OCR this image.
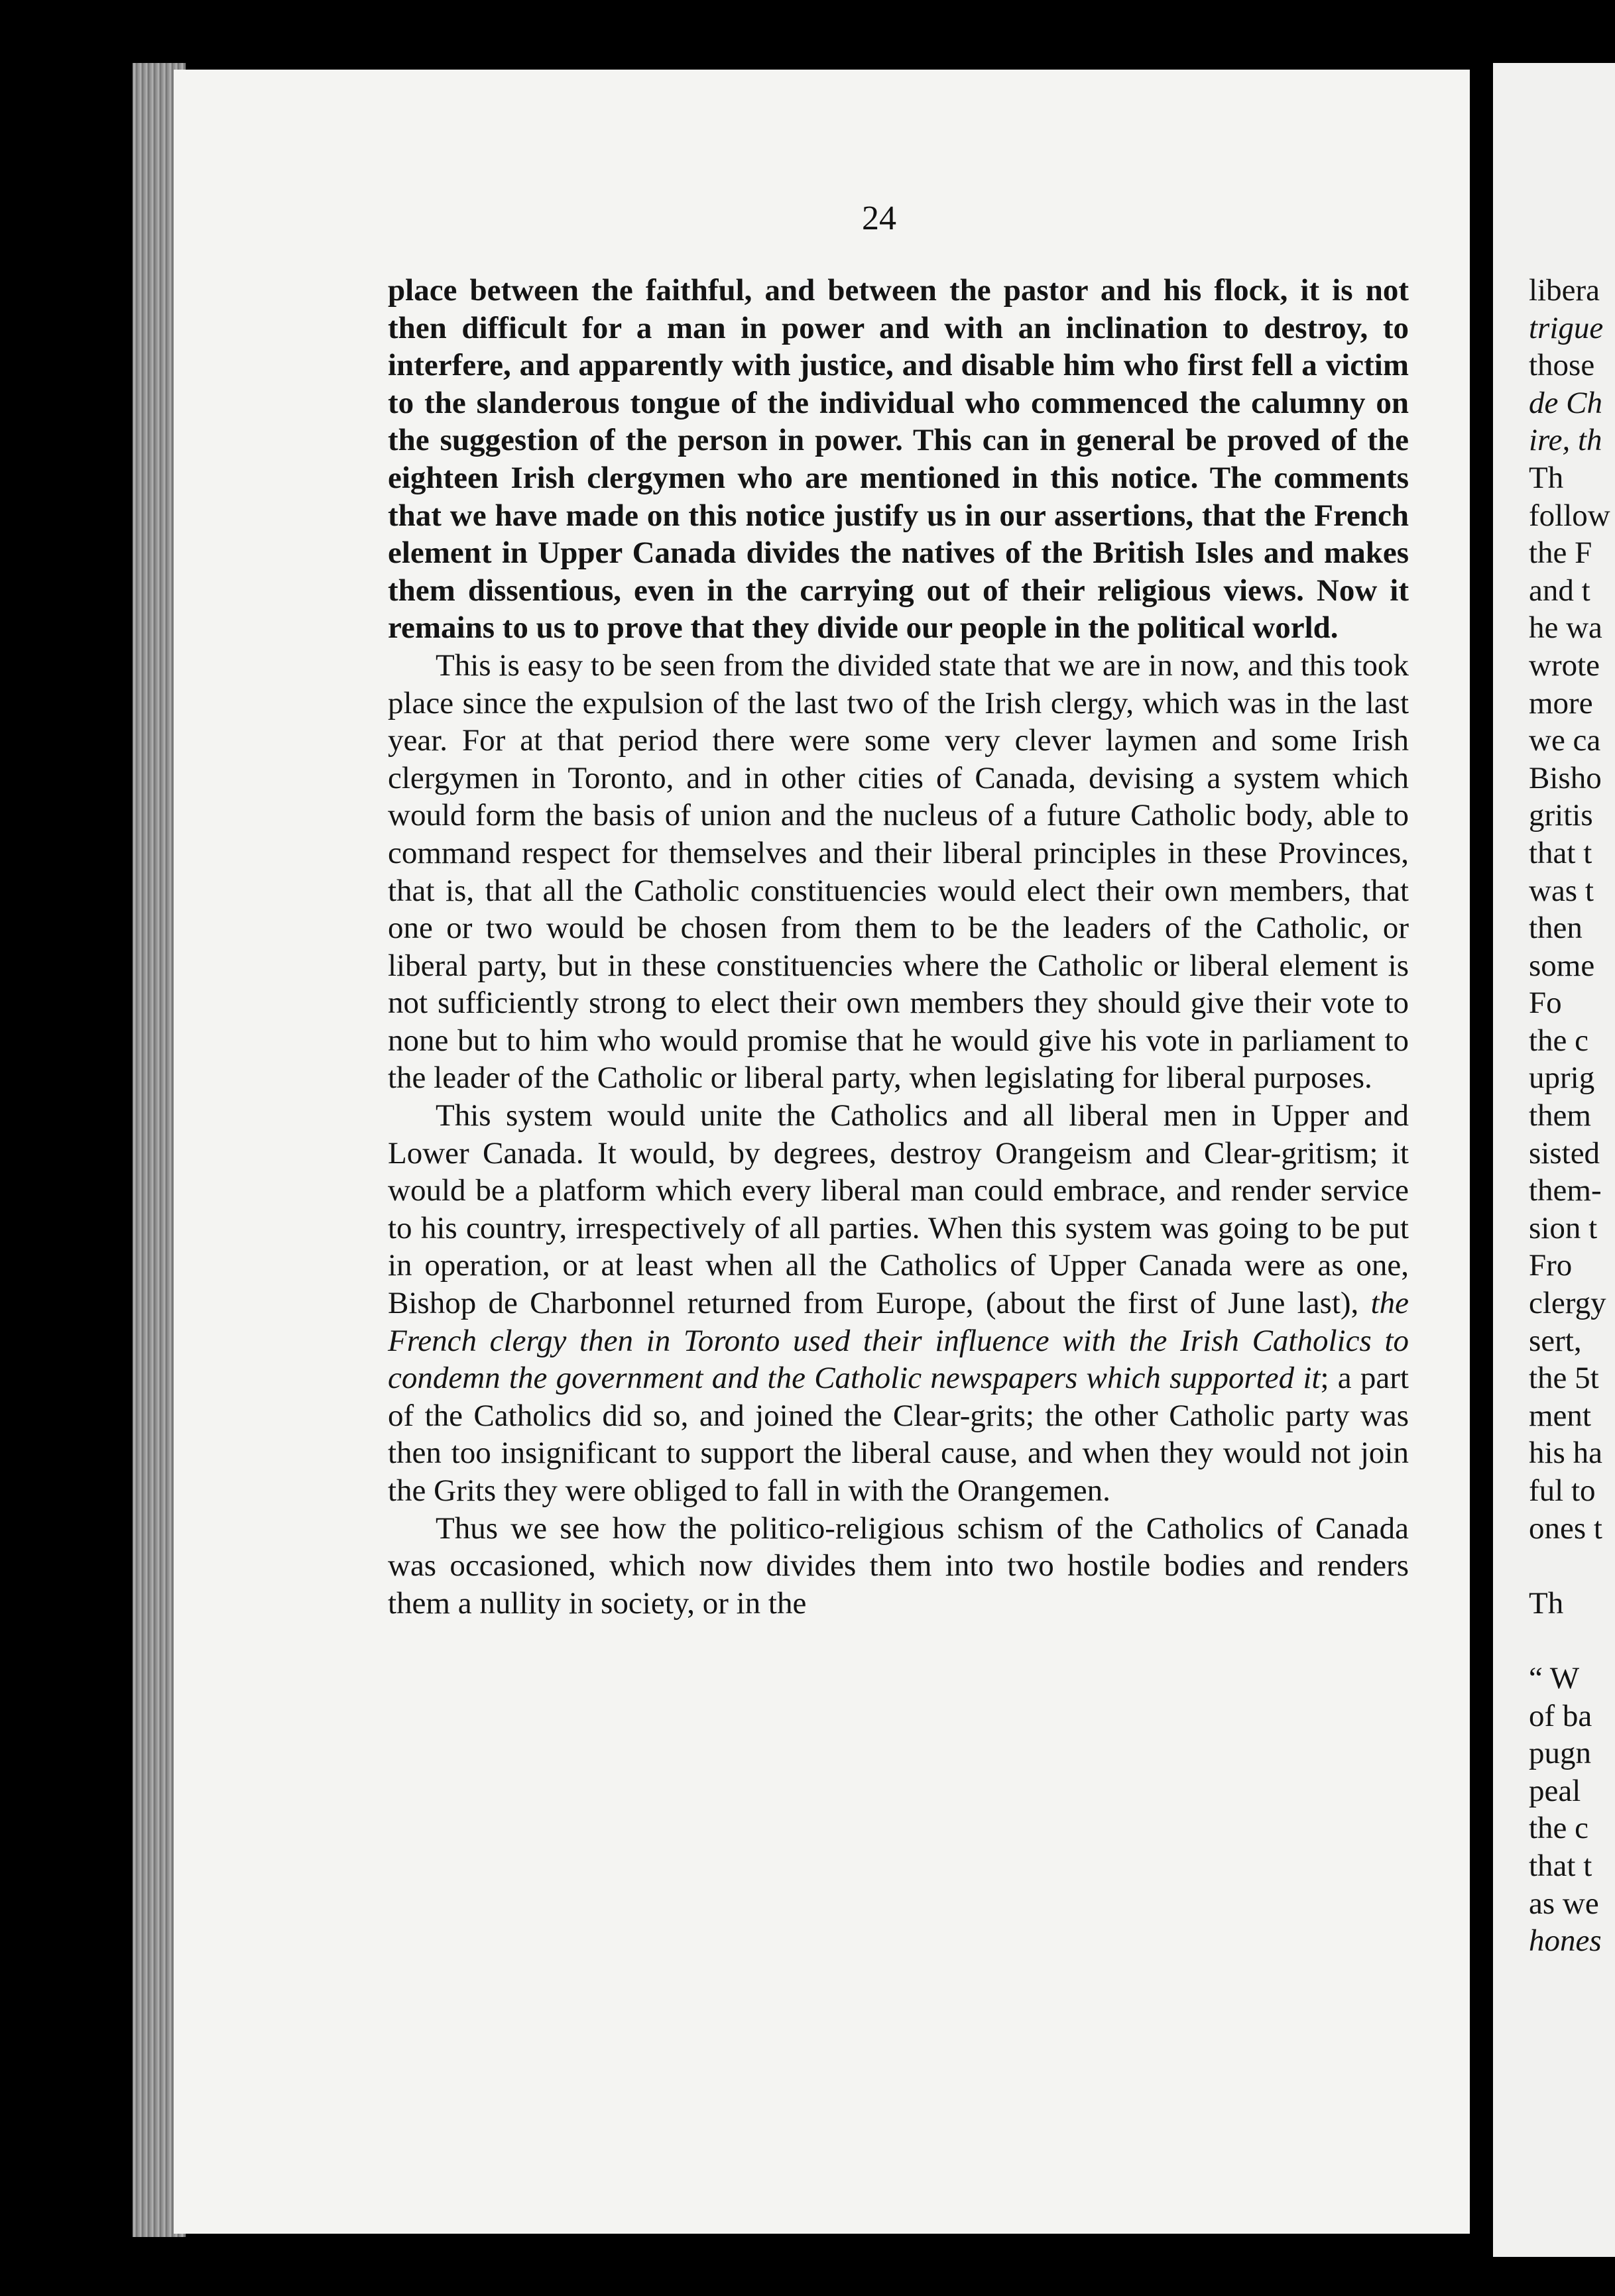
24

place between the faithful, and between the pastor and his flock, it is not then difficult for a man in power and with an inclination to destroy, to interfere, and apparently with justice, and disable him who first fell a victim to the slanderous tongue of the individual who commenced the calumny on the suggestion of the person in power. This can in general be proved of the eighteen Irish clergymen who are mentioned in this notice. The comments that we have made on this notice justify us in our assertions, that the French element in Upper Canada divides the natives of the British Isles and makes them dissentious, even in the carrying out of their religious views. Now it remains to us to prove that they divide our people in the political world.

This is easy to be seen from the divided state that we are in now, and this took place since the expulsion of the last two of the Irish clergy, which was in the last year. For at that period there were some very clever laymen and some Irish clergymen in Toronto, and in other cities of Canada, devising a system which would form the basis of union and the nucleus of a future Catholic body, able to command respect for themselves and their liberal principles in these Provinces, that is, that all the Catholic constituencies would elect their own members, that one or two would be chosen from them to be the leaders of the Catholic, or liberal party, but in these constituencies where the Catholic or liberal element is not sufficiently strong to elect their own members they should give their vote to none but to him who would promise that he would give his vote in parliament to the leader of the Catholic or liberal party, when legislating for liberal purposes.

This system would unite the Catholics and all liberal men in Upper and Lower Canada. It would, by degrees, destroy Orangeism and Clear-gritism; it would be a platform which every liberal man could embrace, and render service to his country, irrespectively of all parties. When this system was going to be put in operation, or at least when all the Catholics of Upper Canada were as one, Bishop de Charbonnel returned from Europe, (about the first of June last), the French clergy then in Toronto used their influence with the Irish Catholics to condemn the government and the Catholic newspapers which supported it; a part of the Catholics did so, and joined the Clear-grits; the other Catholic party was then too insignificant to support the liberal cause, and when they would not join the Grits they were obliged to fall in with the Orangemen.

Thus we see how the politico-religious schism of the Catholics of Canada was occasioned, which now divides them into two hostile bodies and renders them a nullity in society, or in the

libera
trigue
those
de Ch
ire, th
Th
follow
the F
and t
he wa
wrote
more
we ca
Bisho
gritis
that t
was t
then
some
Fo
the c
uprig
them
sisted
them-
sion t
Fro
clergy
sert,
the 5t
ment
his ha
ful to
ones t
Th
“ W
of ba
pugn
peal
the c
that t
as we
hones
